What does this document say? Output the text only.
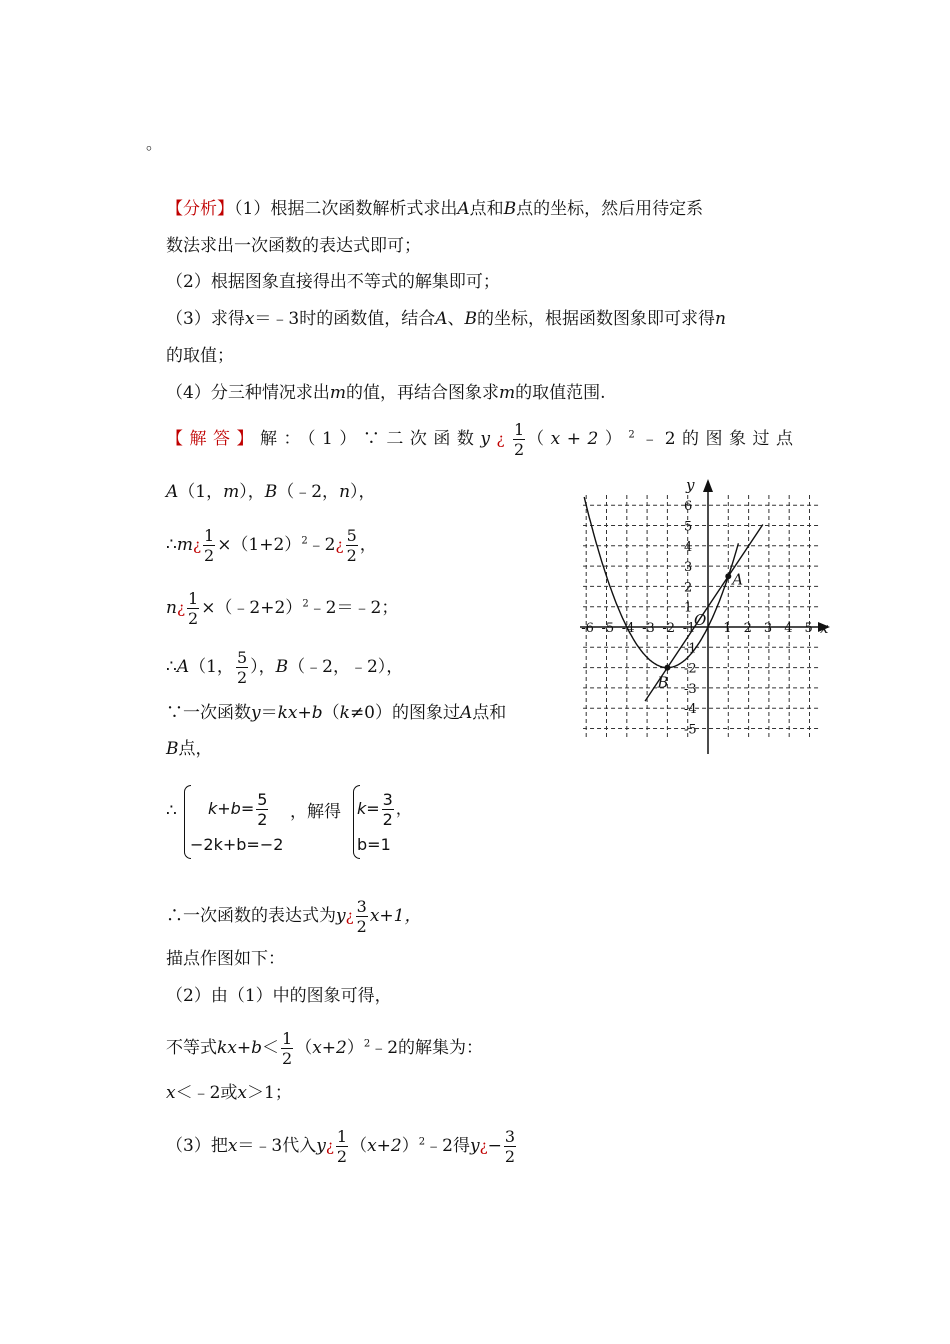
。
【分析】（1）根据二次函数解析式求出A点和B点的坐标，然后用待定系
数法求出一次函数的表达式即可；
（2）根据图象直接得出不等式的解集即可；
（3）求得x＝﹣3时的函数值，结合A、B的坐标，根据函数图象即可求得n
的取值；
（4）分三种情况求出m的值，再结合图象求m的取值范围.
【解答】解：（1）∵二次函数y¿ $\frac{1}{2}$ $(x+2)^2﹣2$的图象过点
A（1，m），B（﹣2，n），
∴m¿ $\frac{1}{2}$ $\times(1+2)^2﹣2¿ \frac{5}{2}$ ，
n¿ $\frac{1}{2}$ ×（﹣2+2）$^2$﹣2＝﹣2；
∴A（1， $\frac{5}{2}$ ），B（﹣2，﹣2），
∵一次函数y＝kx+b（k≠0）的图象过A点和
B点，
∴ $k+b= \frac{5}{2}$
−2k+b=−2
，解得 $k= \frac{3}{2}$ ，
b=1
∴一次函数的表达式为y¿ $\frac{3}{2} x+1$，
描点作图如下：
（2）由（1）中的图象可得，
不等式$kx+b< \frac{1}{2}$ $(x+2)^2﹣2$的解集为：
x＜﹣2或x＞1；
（3）把x＝﹣3代入y¿ $\frac{1}{2}$ $(x+2)^2﹣2$得y¿− $\frac{3}{2}$
-6 -5 -4 -3 -2 -1 1 2 3 4 5
6
5
4
3
2
1
-1
-2
-3
-4
-5
x
y
O
A
B
